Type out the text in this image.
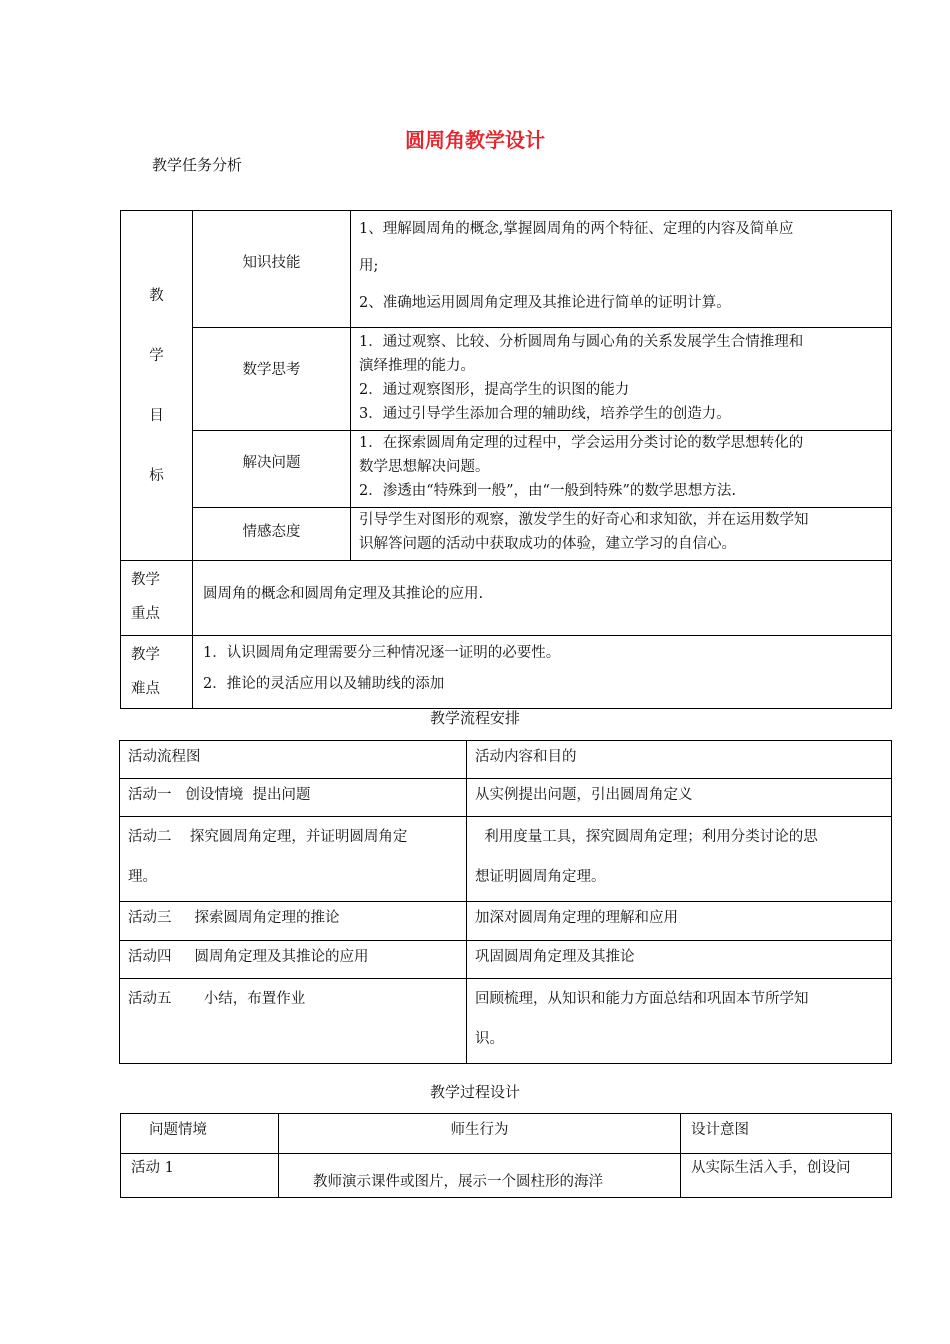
圆周角教学设计
教学任务分析
教
学
目
标	知识技能	1、理解圆周角的概念,掌握圆周角的两个特征、定理的内容及简单应
用;
2、准确地运用圆周角定理及其推论进行简单的证明计算。

	数学思考	1．通过观察、比较、分析圆周角与圆心角的关系发展学生合情推理和
演绎推理的能力。
2．通过观察图形，提高学生的识图的能力
3．通过引导学生添加合理的辅助线，培养学生的创造力。

	解决问题	1．在探索圆周角定理的过程中，学会运用分类讨论的数学思想转化的
数学思想解决问题。
2．渗透由“特殊到一般”，由“一般到特殊”的数学思想方法.

	情感态度	引导学生对图形的观察，激发学生的好奇心和求知欲，并在运用数学知
识解答问题的活动中获取成功的体验，建立学习的自信心。

教学
重点	圆周角的概念和圆周角定理及其推论的应用.	

教学
难点	1．认识圆周角定理需要分三种情况逐一证明的必要性。
2．推论的灵活应用以及辅助线的添加	
教学流程安排
活动流程图	活动内容和目的

活动一   创设情境  提出问题	从实例提出问题，引出圆周角定义

活动二    探究圆周角定理，并证明圆周角定
理。	利用度量工具，探究圆周角定理；利用分类讨论的思
想证明圆周角定理。

活动三     探索圆周角定理的推论	加深对圆周角定理的理解和应用

活动四     圆周角定理及其推论的应用	巩固圆周角定理及其推论

活动五       小结，布置作业	回顾梳理，从知识和能力方面总结和巩固本节所学知
识。
教学过程设计
问题情境	师生行为	设计意图
活动 1	教师演示课件或图片，展示一个圆柱形的海洋	从实际生活入手，创设问
